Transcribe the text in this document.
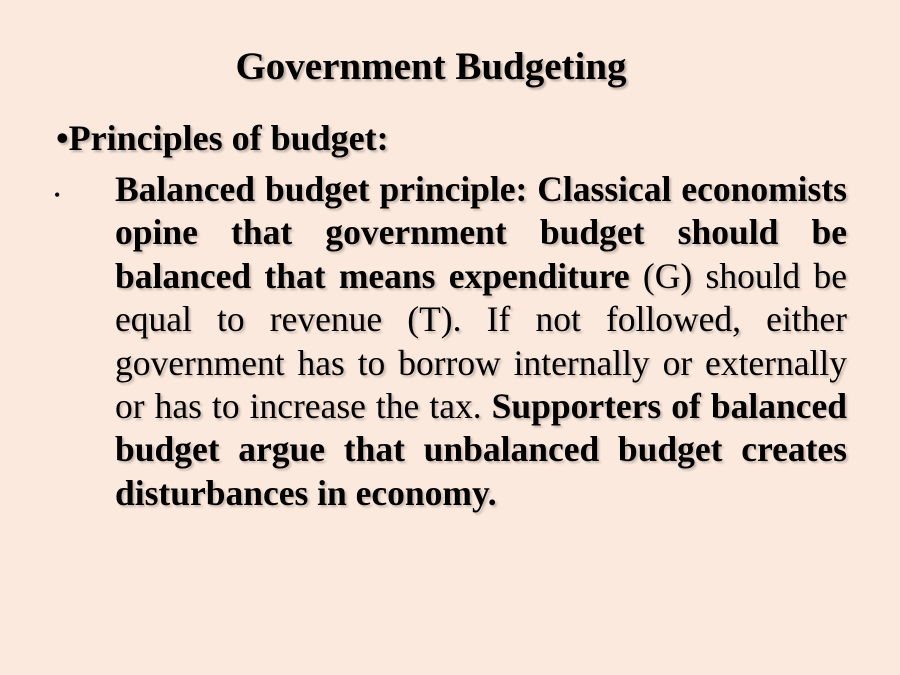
Government Budgeting
•Principles of budget:
• Balanced budget principle: Classical economists opine that government budget should be balanced that means expenditure (G) should be equal to revenue (T). If not followed, either government has to borrow internally or externally or has to increase the tax. Supporters of balanced budget argue that unbalanced budget creates disturbances in economy.
